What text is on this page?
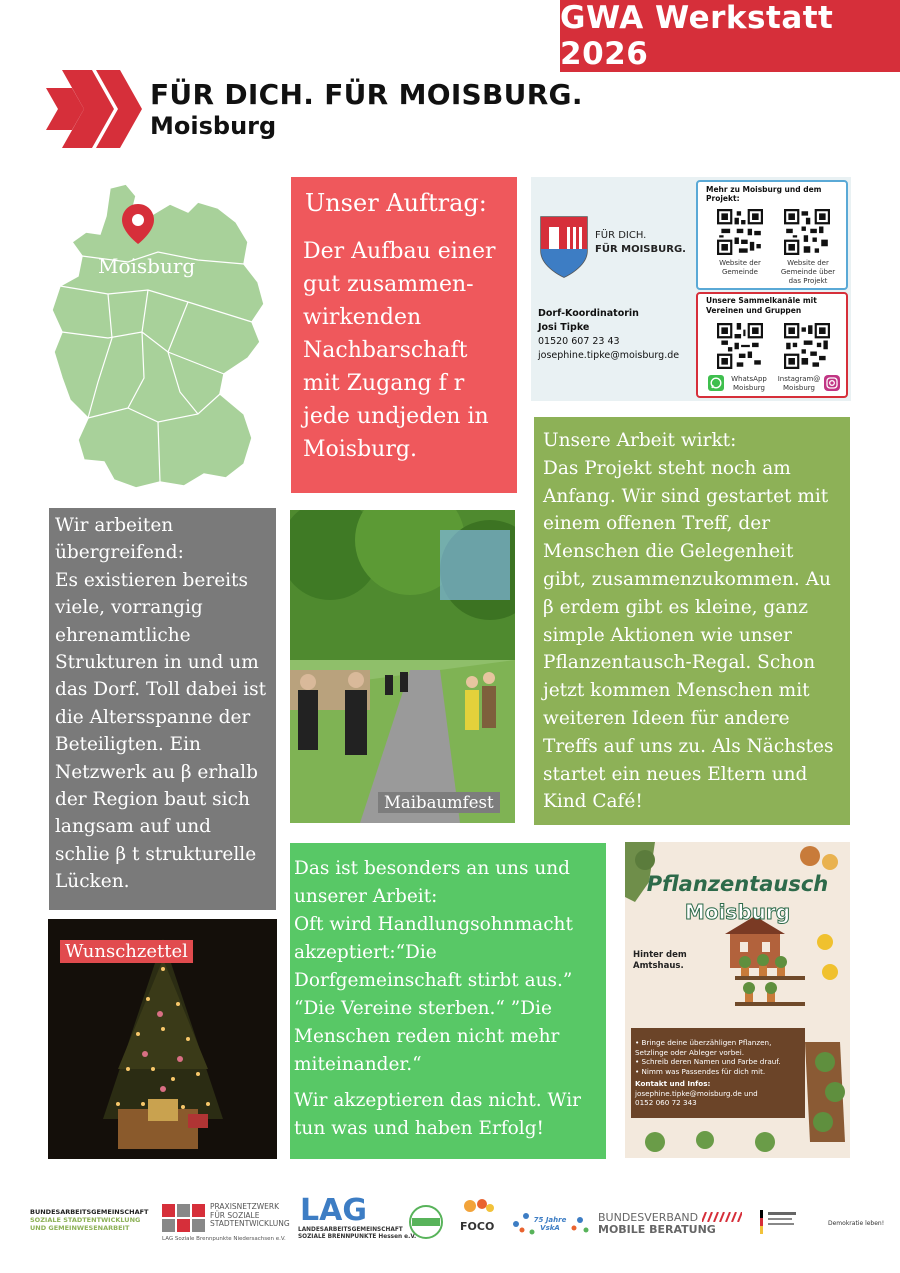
GWA Werkstatt 2026
FÜR DICH. FÜR MOISBURG.
Moisburg
Moisburg
Unser Auftrag:
Der Aufbau einer gut zusammen- wirkenden Nachbarschaft mit Zugang f r jede undjeden in Moisburg.
FÜR DICH.
FÜR MOISBURG.
Dorf-Koordinatorin
Josi Tipke
01520 607 23 43
josephine.tipke@moisburg.de
Mehr zu Moisburg und dem Projekt:
Website der Gemeinde
Website der Gemeinde über das Projekt
Unsere Sammelkanäle mit Vereinen und Gruppen
WhatsApp Moisburg
Instagram@ Moisburg
Unsere Arbeit wirkt:
Das Projekt steht noch am Anfang. Wir sind gestartet mit einem offenen Treff, der Menschen die Gelegenheit gibt, zusammenzukommen. Au β erdem gibt es kleine, ganz simple Aktionen wie unser Pflanzentausch-Regal. Schon jetzt kommen Menschen mit weiteren Ideen für andere Treffs auf uns zu. Als Nächstes startet ein neues Eltern und Kind Café!
Wir arbeiten übergreifend:
Es existieren bereits viele, vorrangig ehrenamtliche Strukturen in und um das Dorf. Toll dabei ist die Altersspanne der Beteiligten. Ein Netzwerk au β erhalb der Region baut sich langsam auf und schlie β t strukturelle Lücken.
Maibaumfest
Das ist besonders an uns und unserer Arbeit:
Oft wird Handlungsohnmacht akzeptiert:“Die Dorfgemeinschaft stirbt aus.” “Die Vereine sterben.“ ”Die Menschen reden nicht mehr miteinander.“
Wir akzeptieren das nicht. Wir tun was und haben Erfolg!
Wunschzettel
Pflanzentausch
Moisburg
Hinter dem
Amtshaus.
• Bringe deine überzähligen Pflanzen, Setzlinge oder Ableger vorbei.
• Schreib deren Namen und Farbe drauf.
• Nimm was Passendes für dich mit.
Kontakt und Infos:
josephine.tipke@moisburg.de und
0152 060 72 343
BUNDESARBEITSGEMEINSCHAFT
SOZIALE STADTENTWICKLUNG
UND GEMEINWESENARBEIT
PRAXISNETZWERK
FÜR SOZIALE
STADTENTWICKLUNG
LAG Soziale Brennpunkte Niedersachsen e.V.
LAG
LANDESARBEITSGEMEINSCHAFT
SOZIALE BRENNPUNKTE Hessen e.V.
FOCO	75 Jahre VskA
BUNDESVERBAND
MOBILE BERATUNG	Demokratie leben!
